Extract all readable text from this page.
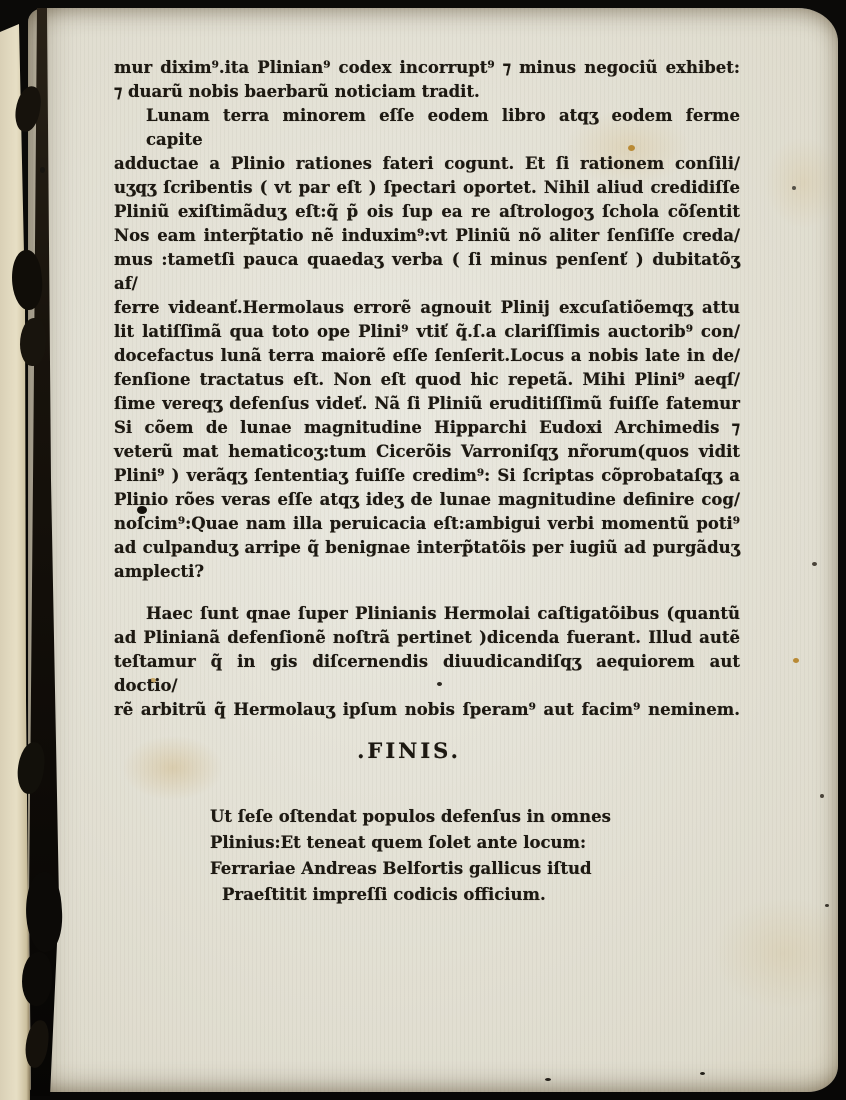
mur dixim⁹.ita Plinian⁹ codex incorrupt⁹ ⁊ minus negociũ exhibet:
⁊ duarũ nobis baerbarũ noticiam tradit.
Lunam terra minorem eſſe eodem libro atqʒ eodem ferme capite
adductae a Plinio rationes fateri cogunt. Et ſi rationem conſili/
uʒqʒ ſcribentis ( vt par eſt ) ſpectari oportet. Nihil aliud credidiſſe
Pliniũ exiſtimãduʒ eſt:q̃ p̃ ois ſup ea re aſtrologoʒ ſchola cõſentit
Nos eam interp̃tatio nẽ induxim⁹:vt Pliniũ nõ aliter ſenſiſſe creda/
mus :tametſi pauca quaedaʒ verba ( ſi minus penſenť ) dubitatõʒ af/
ferre videanť.Hermolaus errorẽ agnouit Plinij excuſatiõemqʒ attu
lit latiſſimã qua toto ope Plini⁹ vtiť q̃.ſ.a clariſſimis auctorib⁹ con/
docefactus lunã terra maiorẽ eſſe ſenſerit.Locus a nobis late in de/
fenſione tractatus eſt. Non eſt quod hic repetã. Mihi Plini⁹ aeqſ/
ſime vereqʒ defenſus videť. Nã ſi Pliniũ eruditiſſimũ fuiſſe fatemur
Si cõem de lunae magnitudine Hipparchi Eudoxi Archimedis ⁊
veterũ mat hematicoʒ:tum Cicerõis Varroniſqʒ nr̃orum(quos vidit
Plini⁹ ) verãqʒ ſententiaʒ fuiſſe credim⁹: Si ſcriptas cõprobataſqʒ a
Plinio rões veras eſſe atqʒ ideʒ de lunae magnitudine definire cog/
noſcim⁹:Quae nam illa peruicacia eſt:ambigui verbi momentũ poti⁹
ad culpanduʒ arripe q̃ benignae interp̃tatõis per iugiũ ad purgãduʒ
amplecti?
Haec ſunt qnae ſuper Plinianis Hermolai caſtigatõibus (quantũ
ad Plinianã defenſionẽ noſtrã pertinet )dicenda fuerant. Illud autẽ
teſtamur q̃ in gis diſcernendis diuudicandiſqʒ aequiorem aut doctio/
rẽ arbitrũ q̃ Hermolauʒ ipſum nobis ſperam⁹ aut facim⁹ neminem.
.FINIS.
Ut ſeſe oſtendat populos defenſus in omnes
Plinius:Et teneat quem ſolet ante locum:
Ferrariae Andreas Belfortis gallicus iſtud
Praeſtitit impreſſi codicis officium.
